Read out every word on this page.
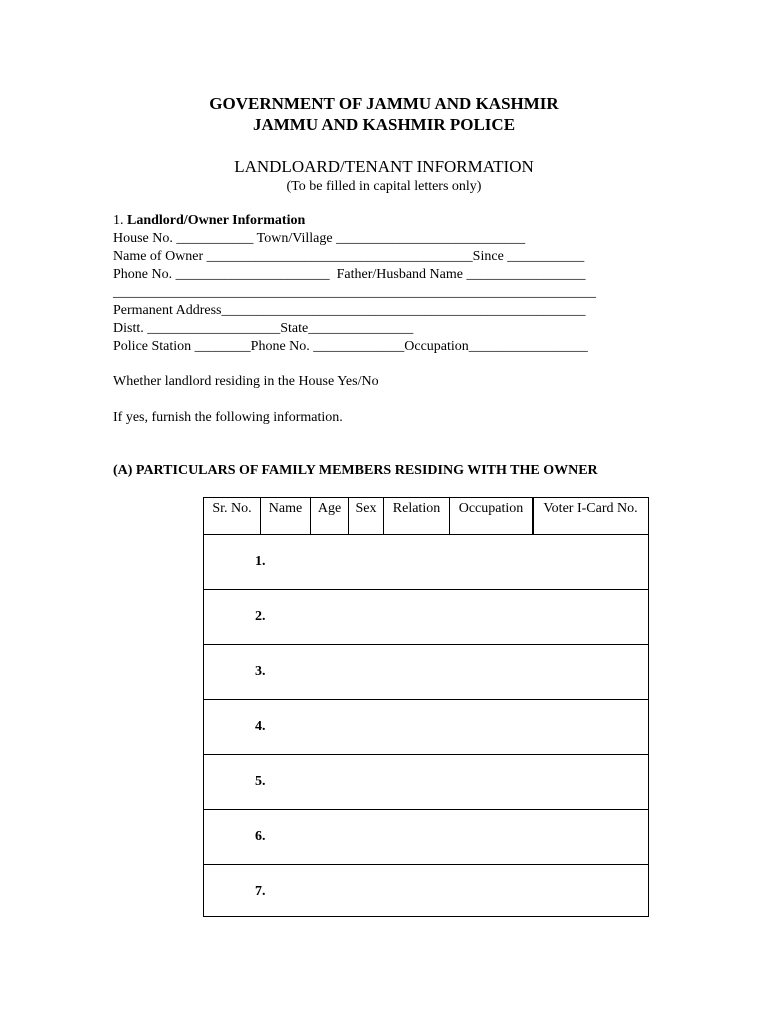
GOVERNMENT OF JAMMU AND KASHMIR
JAMMU AND KASHMIR POLICE
LANDLOARD/TENANT INFORMATION
(To be filled in capital letters only)
1. Landlord/Owner Information
House No. ___________ Town/Village ___________________________
Name of Owner ______________________________________Since ___________
Phone No. ______________________  Father/Husband Name _________________
_____________________________________________________________________
Permanent Address____________________________________________________
Distt. ___________________State_______________
Police Station ________Phone No. _____________Occupation_________________
Whether landlord residing in the House Yes/No
If yes, furnish the following information.
(A) PARTICULARS OF FAMILY MEMBERS RESIDING WITH THE OWNER
Sr. No.	Name	Age	Sex	Relation	Occupation	Voter I-Card No.
1.
2.
3.
4.
5.
6.
7.
